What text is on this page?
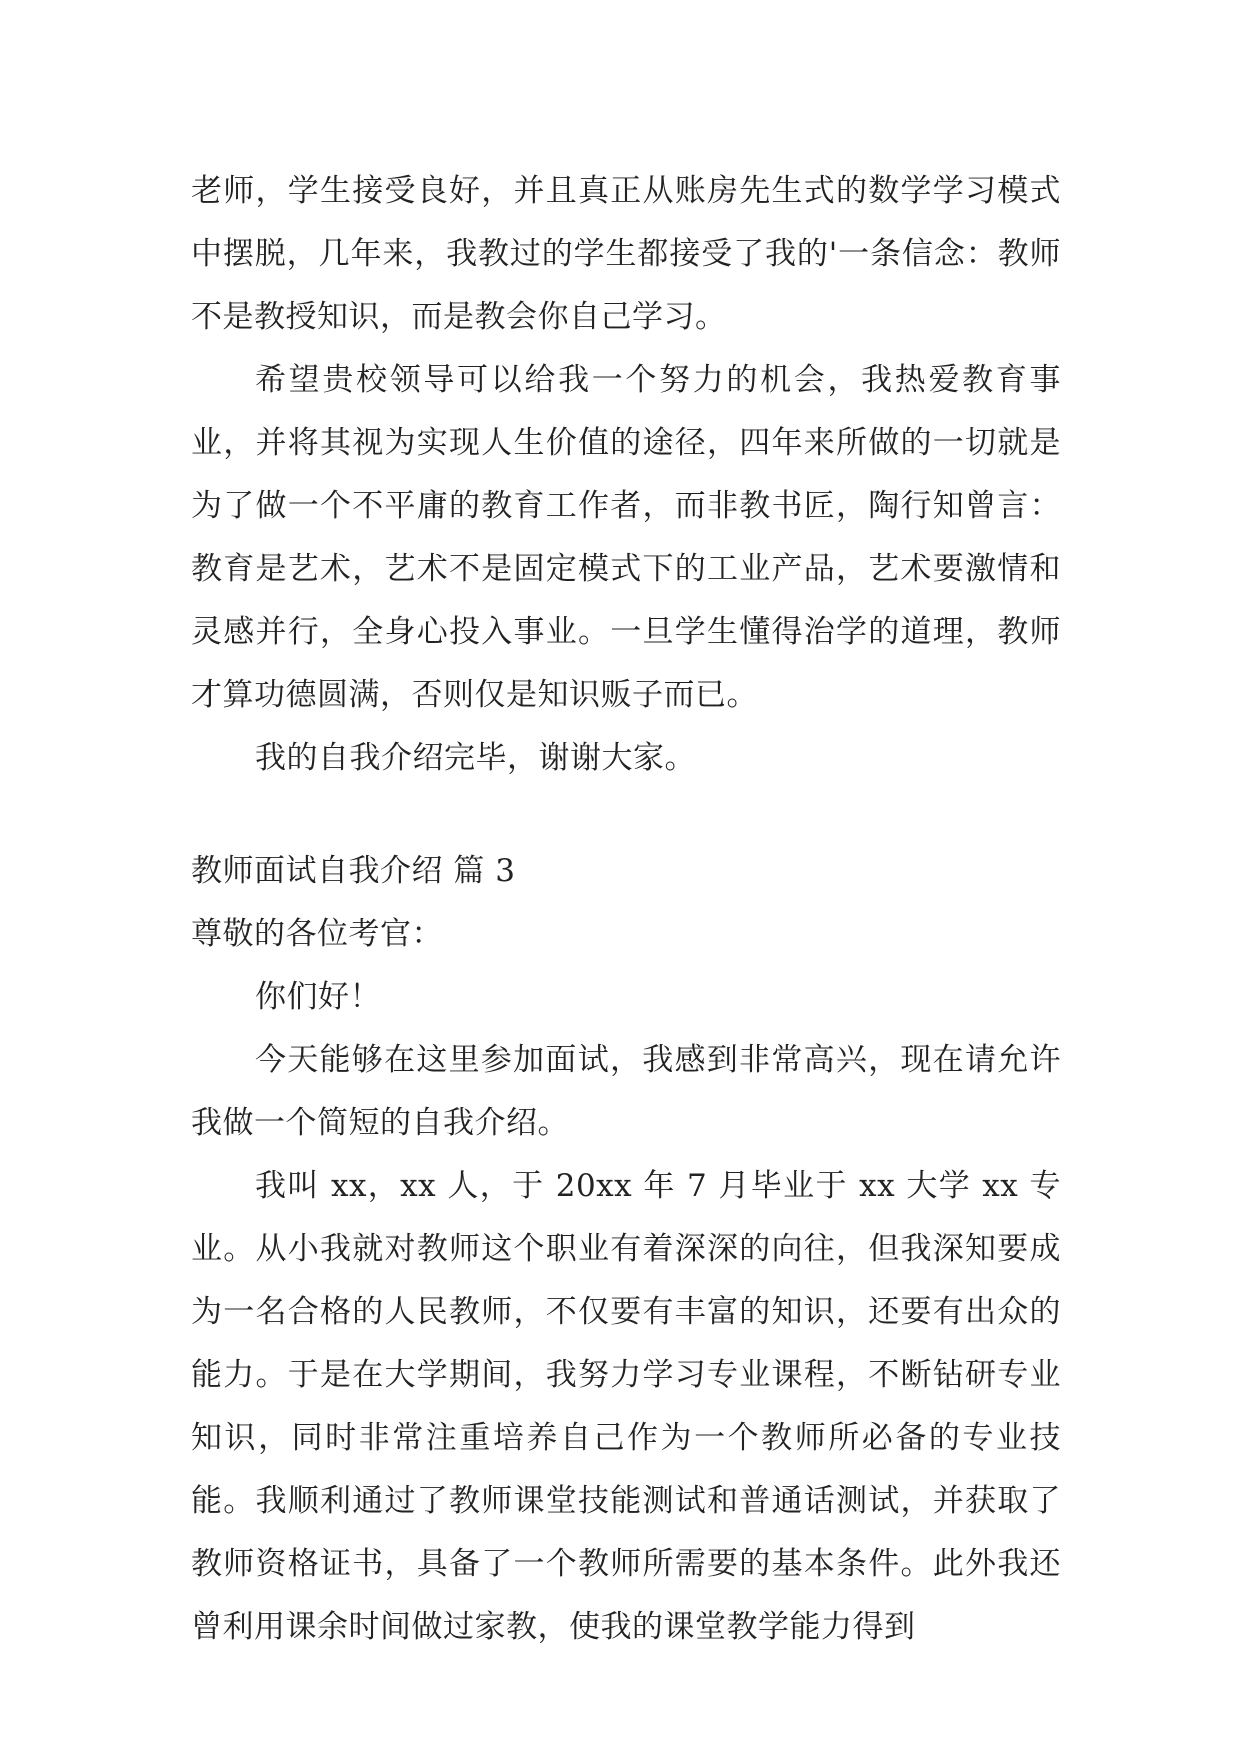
老师，学生接受良好，并且真正从账房先生式的数学学习模式中摆脱，几年来，我教过的学生都接受了我的'一条信念：教师不是教授知识，而是教会你自己学习。

希望贵校领导可以给我一个努力的机会，我热爱教育事业，并将其视为实现人生价值的途径，四年来所做的一切就是为了做一个不平庸的教育工作者，而非教书匠，陶行知曾言：教育是艺术，艺术不是固定模式下的工业产品，艺术要激情和灵感并行，全身心投入事业。一旦学生懂得治学的道理，教师才算功德圆满，否则仅是知识贩子而已。

我的自我介绍完毕，谢谢大家。

教师面试自我介绍 篇 3

尊敬的各位考官：

你们好！

今天能够在这里参加面试，我感到非常高兴，现在请允许我做一个简短的自我介绍。

我叫 xx，xx 人，于 20xx 年 7 月毕业于 xx 大学 xx 专业。从小我就对教师这个职业有着深深的向往，但我深知要成为一名合格的人民教师，不仅要有丰富的知识，还要有出众的能力。于是在大学期间，我努力学习专业课程，不断钻研专业知识，同时非常注重培养自己作为一个教师所必备的专业技能。我顺利通过了教师课堂技能测试和普通话测试，并获取了教师资格证书，具备了一个教师所需要的基本条件。此外我还曾利用课余时间做过家教，使我的课堂教学能力得到
